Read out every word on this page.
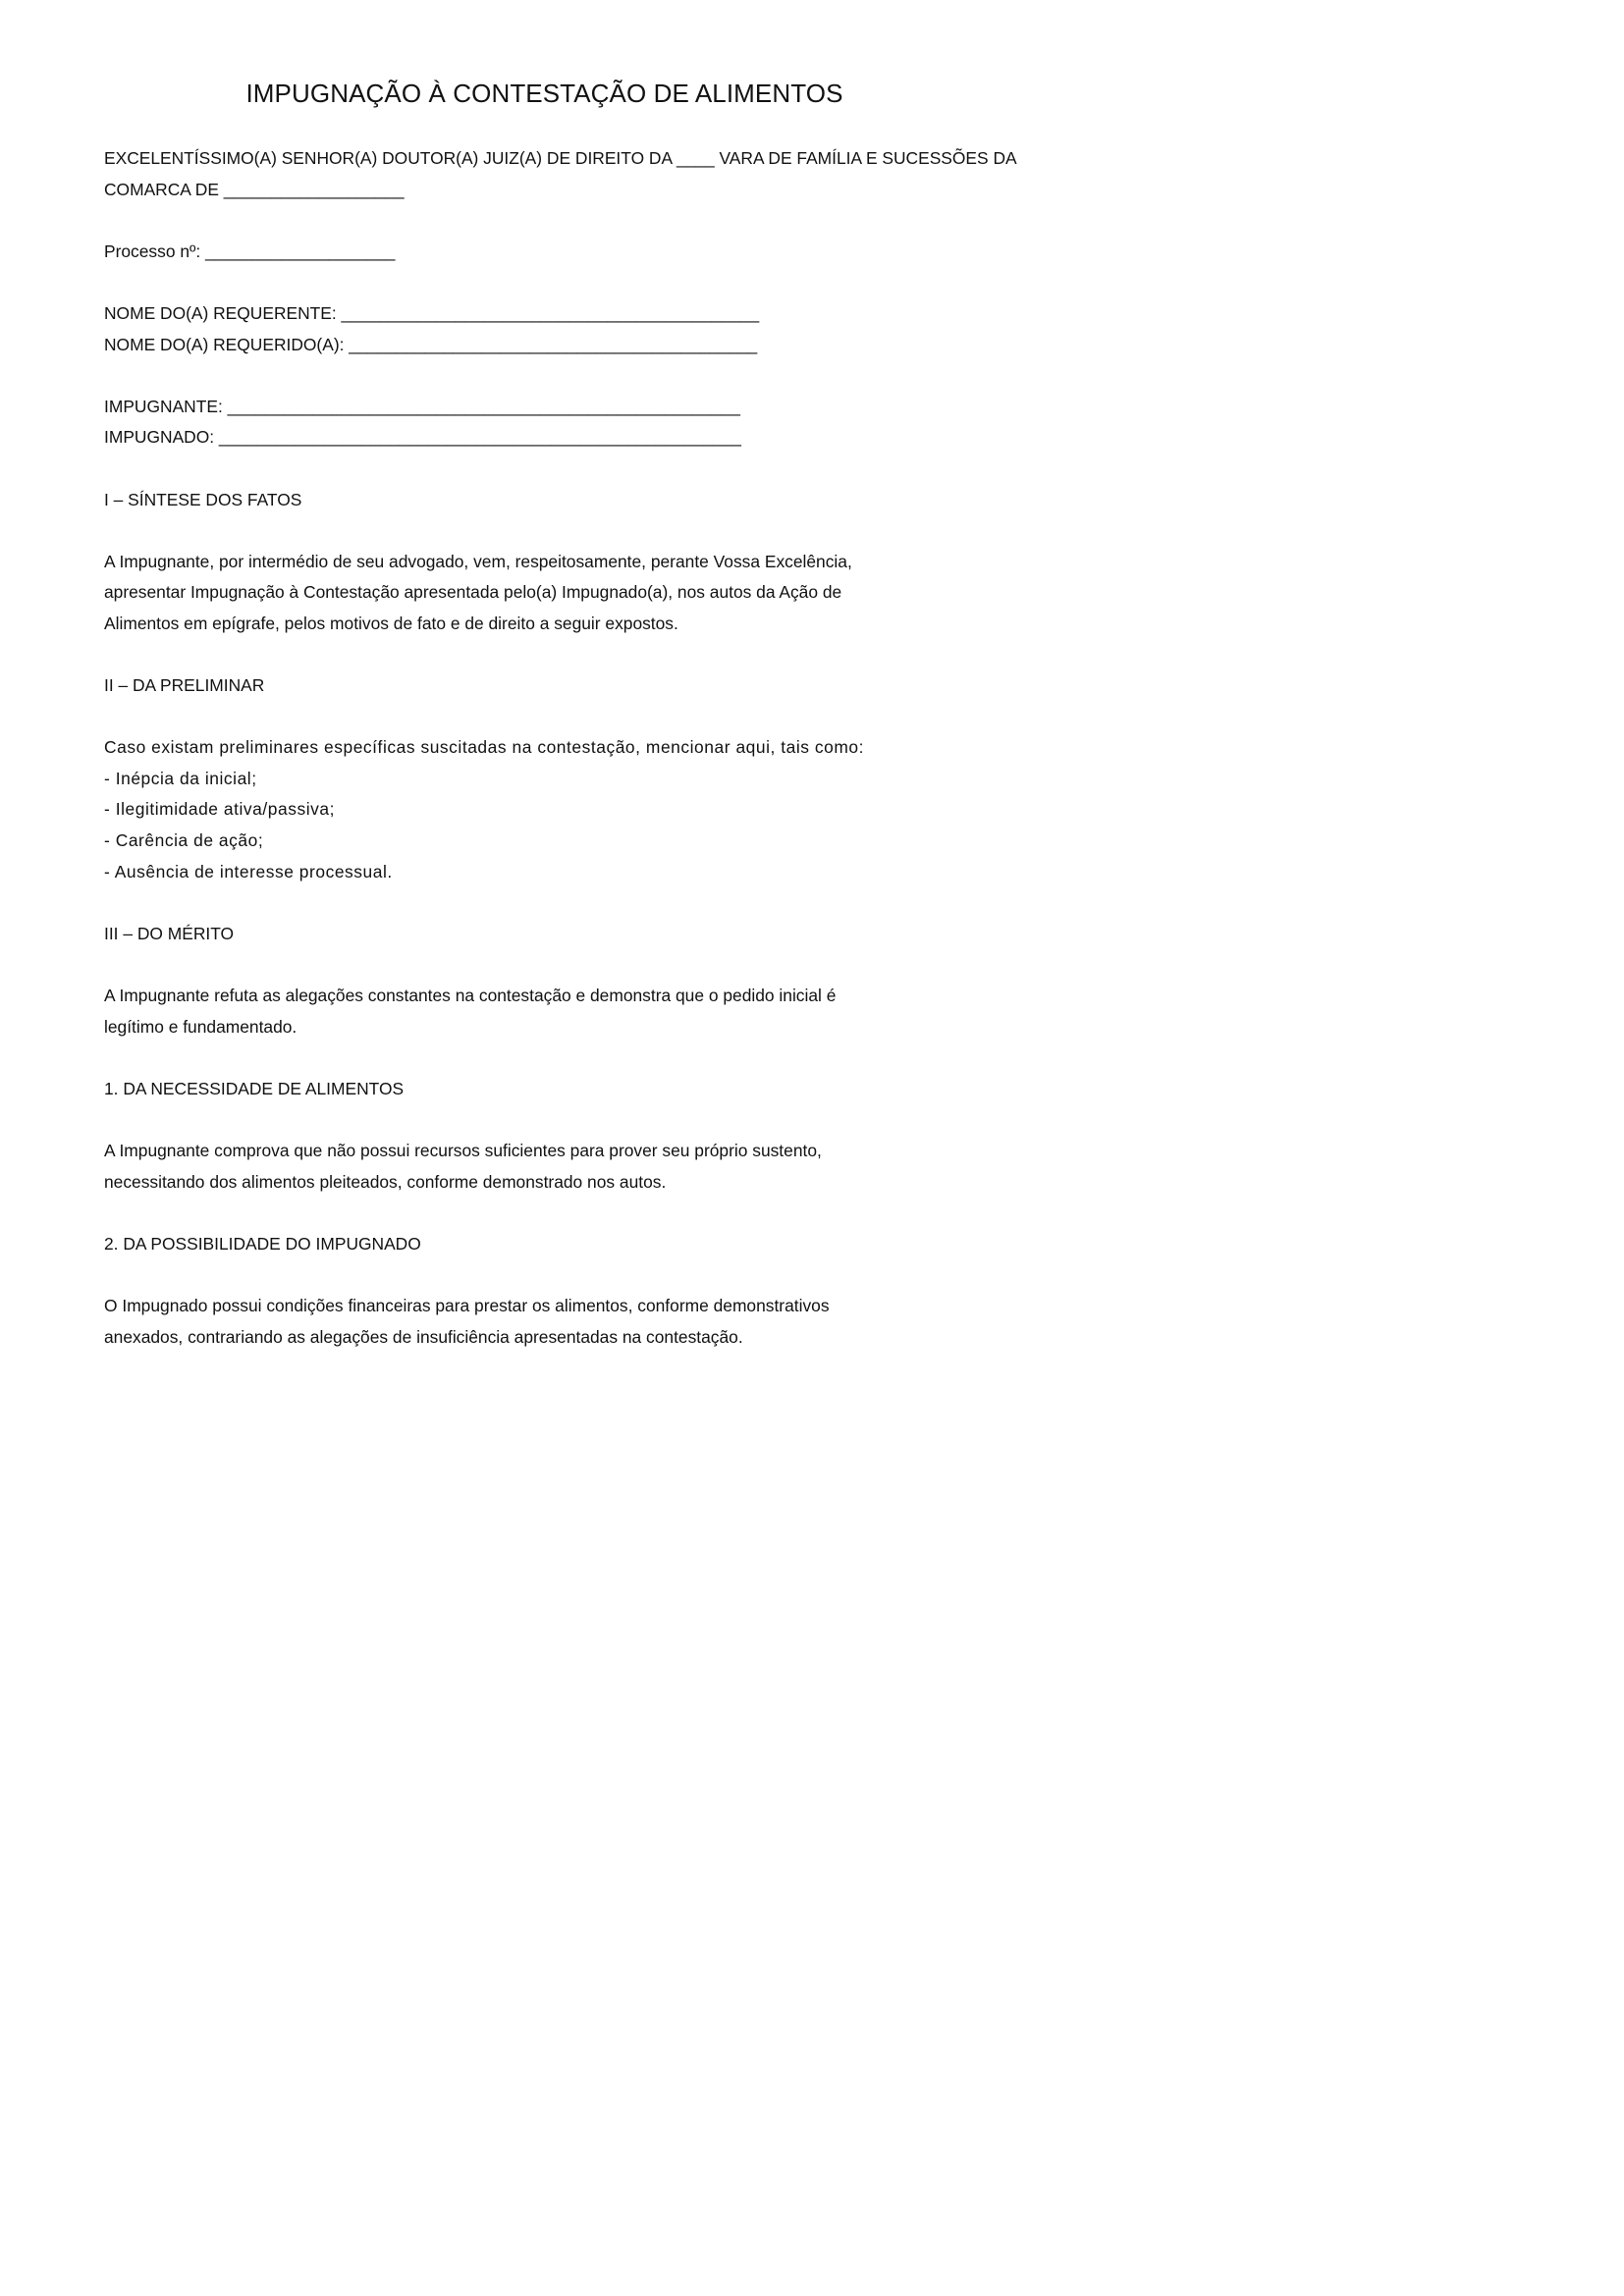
IMPUGNAÇÃO À CONTESTAÇÃO DE ALIMENTOS
EXCELENTÍSSIMO(A) SENHOR(A) DOUTOR(A) JUIZ(A) DE DIREITO DA ____ VARA DE FAMÍLIA E SUCESSÕES DA
COMARCA DE ___________________
Processo nº: ____________________
NOME DO(A) REQUERENTE: ____________________________________________
NOME DO(A) REQUERIDO(A): ___________________________________________
IMPUGNANTE: ______________________________________________________
IMPUGNADO: _______________________________________________________
I – SÍNTESE DOS FATOS
A Impugnante, por intermédio de seu advogado, vem, respeitosamente, perante Vossa Excelência,
apresentar Impugnação à Contestação apresentada pelo(a) Impugnado(a), nos autos da Ação de
Alimentos em epígrafe, pelos motivos de fato e de direito a seguir expostos.
II – DA PRELIMINAR
Caso existam preliminares específicas suscitadas na contestação, mencionar aqui, tais como:
- Inépcia da inicial;
- Ilegitimidade ativa/passiva;
- Carência de ação;
- Ausência de interesse processual.
III – DO MÉRITO
A Impugnante refuta as alegações constantes na contestação e demonstra que o pedido inicial é
legítimo e fundamentado.
1. DA NECESSIDADE DE ALIMENTOS
A Impugnante comprova que não possui recursos suficientes para prover seu próprio sustento,
necessitando dos alimentos pleiteados, conforme demonstrado nos autos.
2. DA POSSIBILIDADE DO IMPUGNADO
O Impugnado possui condições financeiras para prestar os alimentos, conforme demonstrativos
anexados, contrariando as alegações de insuficiência apresentadas na contestação.
